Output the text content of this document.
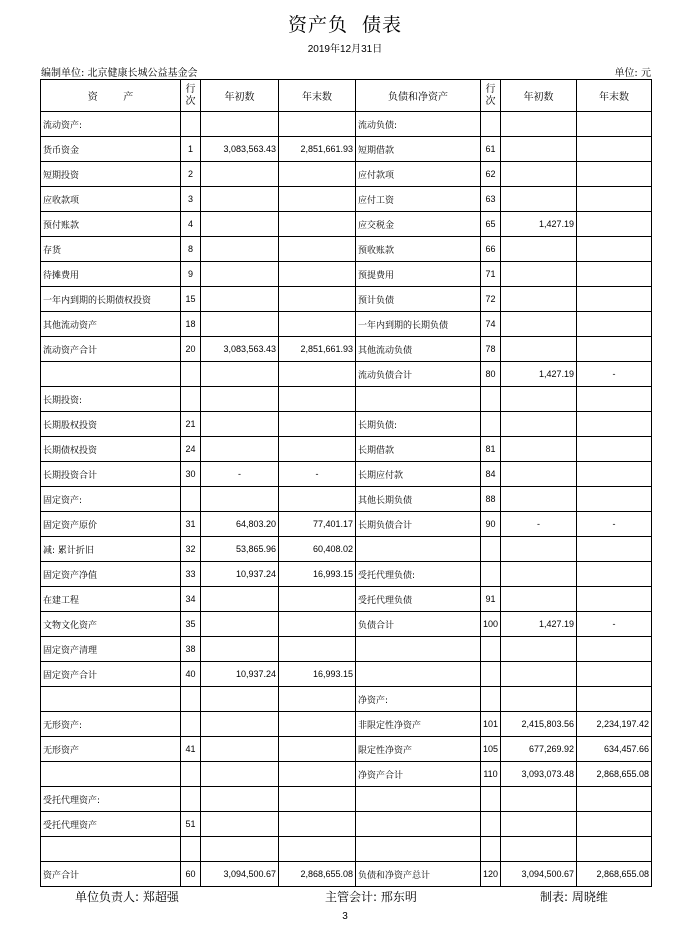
资产负  债表
2019年12月31日
编制单位: 北京健康长城公益基金会	单位: 元
资        产	行次	年初数	年末数	负债和净资产	行次	年初数	年末数
流动资产:				流动负债:			
货币资金	1	3,083,563.43	2,851,661.93	短期借款	61		
短期投资	2			应付款项	62		
应收款项	3			应付工资	63		
预付账款	4			应交税金	65	1,427.19	
存货	8			预收账款	66		
待摊费用	9			预提费用	71		
一年内到期的长期债权投资	15			预计负债	72		
其他流动资产	18			一年内到期的长期负债	74		
流动资产合计	20	3,083,563.43	2,851,661.93	其他流动负债	78		
				流动负债合计	80	1,427.19	-
长期投资:							
长期股权投资	21			长期负债:			
长期债权投资	24			长期借款	81		
长期投资合计	30	-	-	长期应付款	84		
固定资产:				其他长期负债	88		
固定资产原价	31	64,803.20	77,401.17	长期负债合计	90	-	-
减: 累计折旧	32	53,865.96	60,408.02				
固定资产净值	33	10,937.24	16,993.15	受托代理负债:			
在建工程	34			受托代理负债	91		
文物文化资产	35			负债合计	100	1,427.19	-
固定资产清理	38						
固定资产合计	40	10,937.24	16,993.15				
				净资产:			
无形资产:				非限定性净资产	101	2,415,803.56	2,234,197.42
无形资产	41			限定性净资产	105	677,269.92	634,457.66
				净资产合计	110	3,093,073.48	2,868,655.08
受托代理资产:							
受托代理资产	51						

资产合计	60	3,094,500.67	2,868,655.08	负债和净资产总计	120	3,094,500.67	2,868,655.08
单位负责人: 郑超强	主管会计: 邢东明	制表: 周晓维
3
